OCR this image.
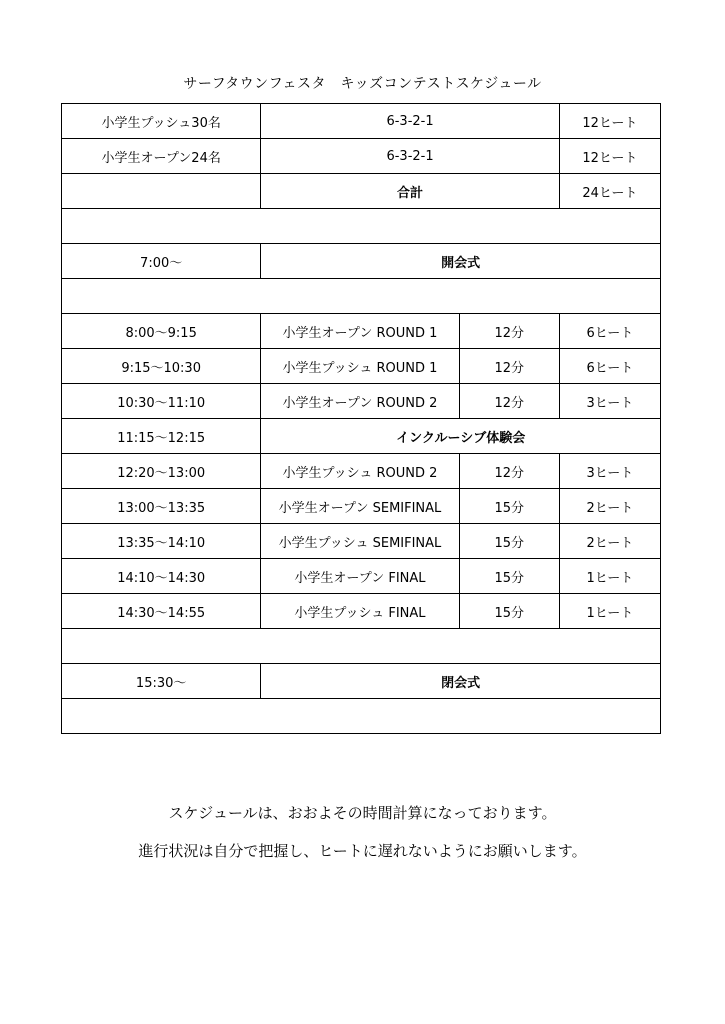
サーフタウンフェスタ　キッズコンテストスケジュール
小学生プッシュ30名	6-3-2-1		12ヒート
小学生オープン24名	6-3-2-1		12ヒート
	合計		24ヒート

7:00～	開会式		

8:00～9:15	小学生オープン ROUND 1	12分	6ヒート
9:15～10:30	小学生プッシュ ROUND 1	12分	6ヒート
10:30～11:10	小学生オープン ROUND 2	12分	3ヒート
11:15～12:15	インクルーシブ体験会		
12:20～13:00	小学生プッシュ ROUND 2	12分	3ヒート
13:00～13:35	小学生オープン SEMIFINAL	15分	2ヒート
13:35～14:10	小学生プッシュ SEMIFINAL	15分	2ヒート
14:10～14:30	小学生オープン FINAL	15分	1ヒート
14:30～14:55	小学生プッシュ FINAL	15分	1ヒート

15:30～	閉会式		

スケジュールは、おおよその時間計算になっております。

進行状況は自分で把握し、ヒートに遅れないようにお願いします。
